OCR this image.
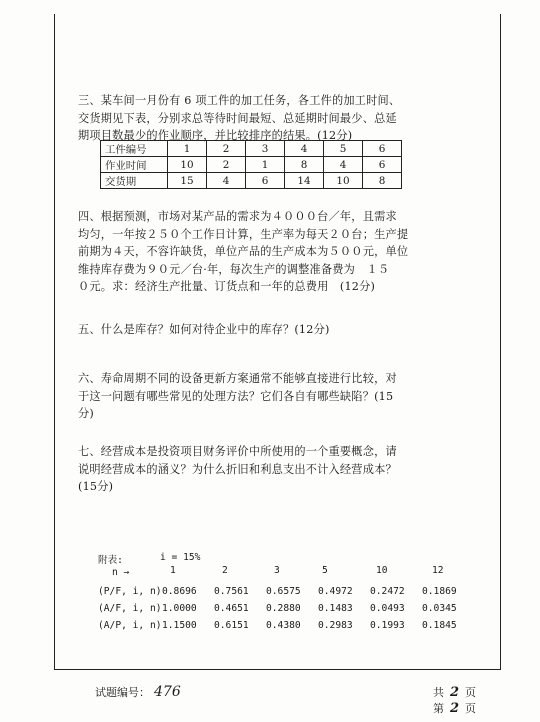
三、某车间一月份有 6 项工件的加工任务，各工件的加工时间、
交货期见下表，分别求总等待时间最短、总延期时间最少、总延
期项目数最少的作业顺序，并比较排序的结果。(12分)
工件编号	1	2	3	4	5	6
作业时间	10	2	1	8	4	6
交货期	15	4	6	14	10	8
四、根据预测，市场对某产品的需求为４０００台／年，且需求
均匀，一年按２５０个工作日计算，生产率为每天２０台；生产提
前期为４天，不容许缺货，单位产品的生产成本为５００元，单位
维持库存费为９０元／台·年，每次生产的调整准备费为　１５
０元。求：经济生产批量、订货点和一年的总费用　(12分)
五、什么是库存？如何对待企业中的库存？(12分)
六、寿命周期不同的设备更新方案通常不能够直接进行比较，对
于这一问题有哪些常见的处理方法？它们各自有哪些缺陷？(15
分)
七、经营成本是投资项目财务评价中所使用的一个重要概念，请
说明经营成本的涵义？为什么折旧和利息支出不计入经营成本？
(15分)
附表:	i = 15%
n →	1	2	3	5	10	12
(P/F, i, n) 0.8696 0.7561 0.6575 0.4972 0.2472 0.1869
(A/F, i, n) 1.0000 0.4651 0.2880 0.1483 0.0493 0.0345
(A/P, i, n) 1.1500 0.6151 0.4380 0.2983 0.1993 0.1845
试题编号： 476	共 2 页
第 2 页
